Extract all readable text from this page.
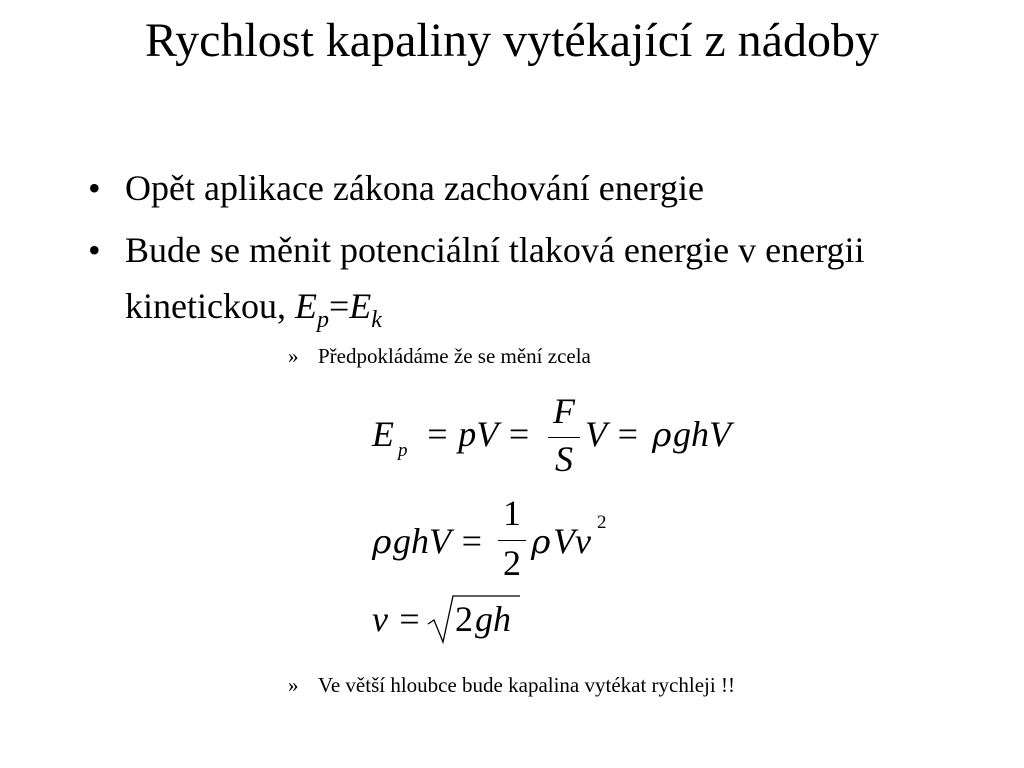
Rychlost kapaliny vytékající z nádoby
• Opět aplikace zákona zachování energie
• Bude se měnit potenciální tlaková energie v energii kinetickou, $E_p=E_k$
» Předpokládáme že se mění zcela
E p = pV =
F
S
V = ρ ghV
ρ ghV =
1
2
ρ Vv 2
v = 2 gh
» Ve větší hloubce bude kapalina vytékat rychleji !!
